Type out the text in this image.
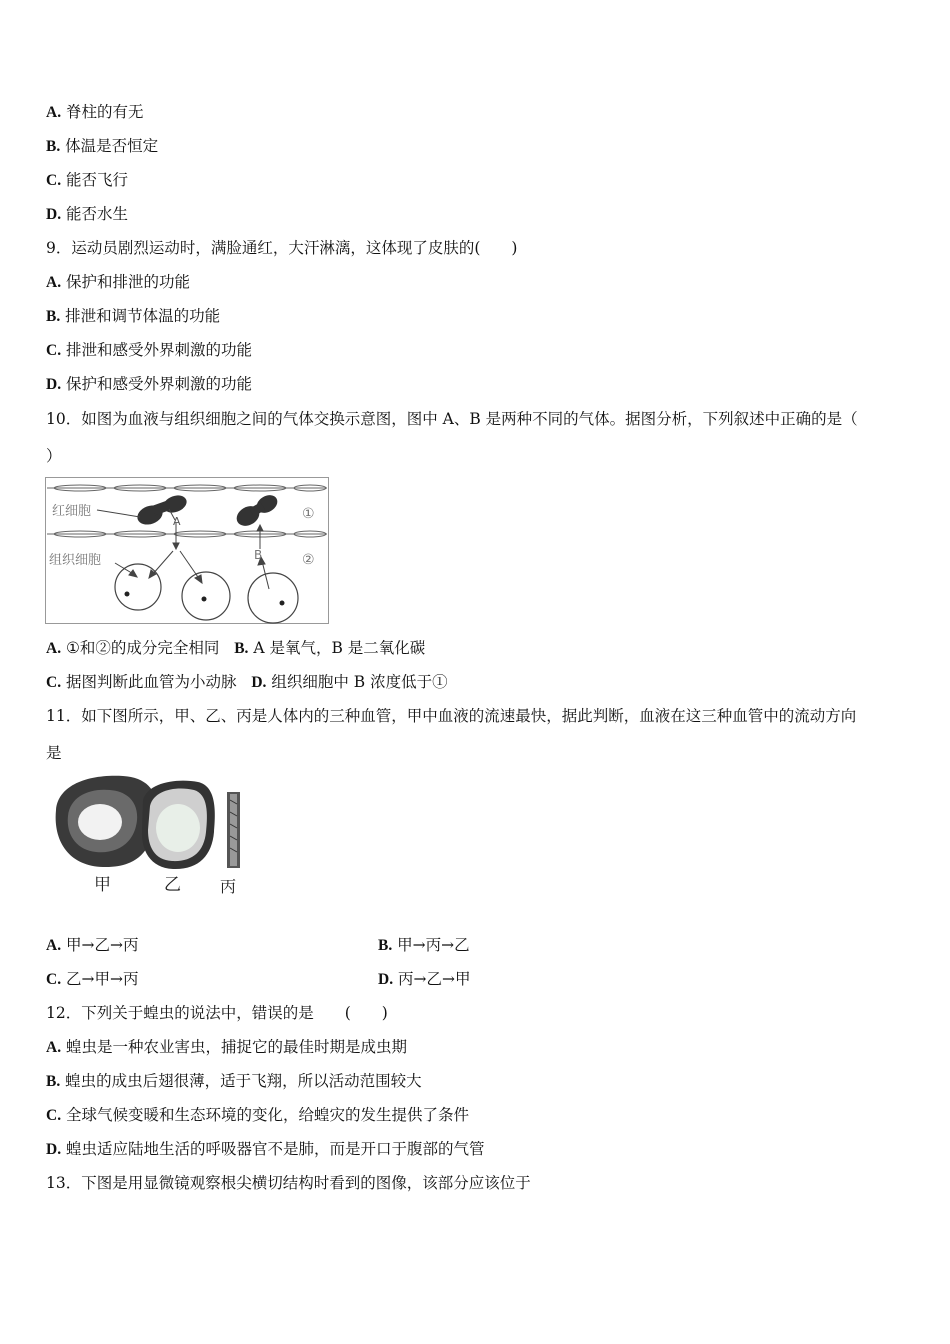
A. 脊柱的有无
B. 体温是否恒定
C. 能否飞行
D. 能否水生
9．运动员剧烈运动时，满脸通红，大汗淋漓，这体现了皮肤的(　　)
A. 保护和排泄的功能
B. 排泄和调节体温的功能
C. 排泄和感受外界刺激的功能
D. 保护和感受外界刺激的功能
10．如图为血液与组织细胞之间的气体交换示意图，图中 A、B 是两种不同的气体。据图分析，下列叙述中正确的是（
）
红细胞
组织细胞
A
B
①
②
A. ①和②的成分完全相同 B. A 是氧气，B 是二氧化碳
C. 据图判断此血管为小动脉 D. 组织细胞中 B 浓度低于①
11．如下图所示，甲、乙、丙是人体内的三种血管，甲中血液的流速最快，据此判断，血液在这三种血管中的流动方向
是
甲	乙 丙
A. 甲→乙→丙	B. 甲→丙→乙
C. 乙→甲→丙	D. 丙→乙→甲
12．下列关于蝗虫的说法中，错误的是　　(　　)
A. 蝗虫是一种农业害虫，捕捉它的最佳时期是成虫期
B. 蝗虫的成虫后翅很薄，适于飞翔，所以活动范围较大
C. 全球气候变暖和生态环境的变化，给蝗灾的发生提供了条件
D. 蝗虫适应陆地生活的呼吸器官不是肺，而是开口于腹部的气管
13．下图是用显微镜观察根尖横切结构时看到的图像，该部分应该位于
